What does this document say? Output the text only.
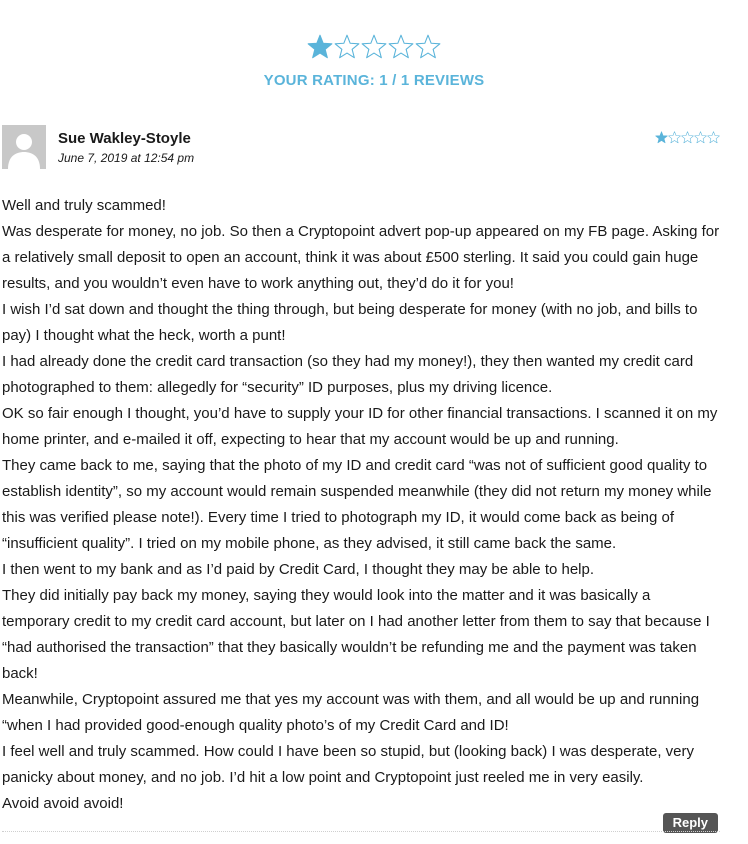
YOUR RATING: 1 / 1 REVIEWS
Sue Wakley-Stoyle
June 7, 2019 at 12:54 pm

Well and truly scammed!

Was desperate for money, no job. So then a Cryptopoint advert pop-up appeared on my FB page. Asking for a relatively small deposit to open an account, think it was about £500 sterling. It said you could gain huge results, and you wouldn’t even have to work anything out, they’d do it for you!

I wish I’d sat down and thought the thing through, but being desperate for money (with no job, and bills to pay) I thought what the heck, worth a punt!

I had already done the credit card transaction (so they had my money!), they then wanted my credit card photographed to them: allegedly for “security” ID purposes, plus my driving licence.

OK so fair enough I thought, you’d have to supply your ID for other financial transactions. I scanned it on my home printer, and e-mailed it off, expecting to hear that my account would be up and running.

They came back to me, saying that the photo of my ID and credit card “was not of sufficient good quality to establish identity”, so my account would remain suspended meanwhile (they did not return my money while this was verified please note!). Every time I tried to photograph my ID, it would come back as being of “insufficient quality”. I tried on my mobile phone, as they advised, it still came back the same.

I then went to my bank and as I’d paid by Credit Card, I thought they may be able to help.

They did initially pay back my money, saying they would look into the matter and it was basically a temporary credit to my credit card account, but later on I had another letter from them to say that because I “had authorised the transaction” that they basically wouldn’t be refunding me and the payment was taken back!

Meanwhile, Cryptopoint assured me that yes my account was with them, and all would be up and running “when I had provided good-enough quality photo’s of my Credit Card and ID!

I feel well and truly scammed. How could I have been so stupid, but (looking back) I was desperate, very panicky about money, and no job. I’d hit a low point and Cryptopoint just reeled me in very easily.

Avoid avoid avoid!

Reply
